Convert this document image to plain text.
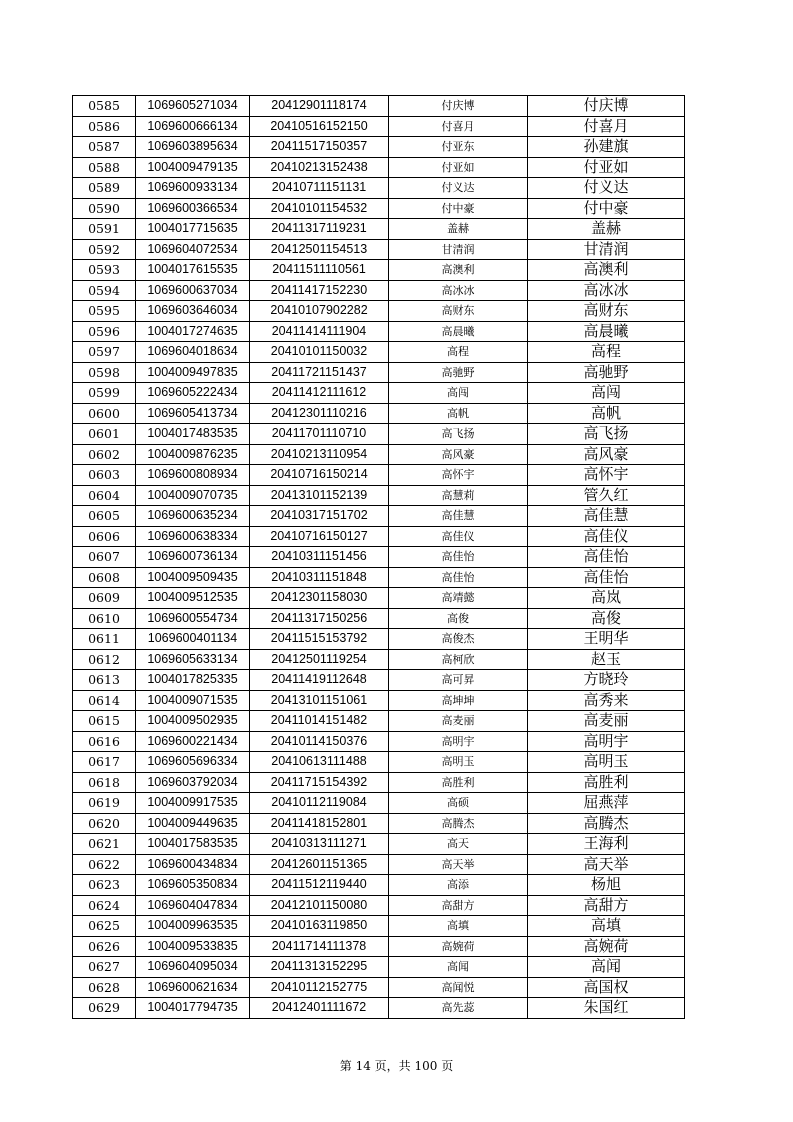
0585	1069605271034	20412901118174	付庆博	付庆博
0586	1069600666134	20410516152150	付喜月	付喜月
0587	1069603895634	20411517150357	付亚东	孙建旗
0588	1004009479135	20410213152438	付亚如	付亚如
0589	1069600933134	20410711151131	付义达	付义达
0590	1069600366534	20410101154532	付中豪	付中豪
0591	1004017715635	20411317119231	盖赫	盖赫
0592	1069604072534	20412501154513	甘清润	甘清润
0593	1004017615535	20411511110561	高澳利	高澳利
0594	1069600637034	20411417152230	高冰冰	高冰冰
0595	1069603646034	20410107902282	高财东	高财东
0596	1004017274635	20411414111904	高晨曦	高晨曦
0597	1069604018634	20410101150032	高程	高程
0598	1004009497835	20411721151437	高驰野	高驰野
0599	1069605222434	20411412111612	高闯	高闯
0600	1069605413734	20412301110216	高帆	高帆
0601	1004017483535	20411701110710	高飞扬	高飞扬
0602	1004009876235	20410213110954	高风豪	高风豪
0603	1069600808934	20410716150214	高怀宇	高怀宇
0604	1004009070735	20413101152139	高慧莉	管久红
0605	1069600635234	20410317151702	高佳慧	高佳慧
0606	1069600638334	20410716150127	高佳仪	高佳仪
0607	1069600736134	20410311151456	高佳怡	高佳怡
0608	1004009509435	20410311151848	高佳怡	高佳怡
0609	1004009512535	20412301158030	高靖懿	高岚
0610	1069600554734	20411317150256	高俊	高俊
0611	1069600401134	20411515153792	高俊杰	王明华
0612	1069605633134	20412501119254	高柯欣	赵玉
0613	1004017825335	20411419112648	高可昇	方晓玲
0614	1004009071535	20413101151061	高坤坤	高秀来
0615	1004009502935	20411014151482	高麦丽	高麦丽
0616	1069600221434	20410114150376	高明宇	高明宇
0617	1069605696334	20410613111488	高明玉	高明玉
0618	1069603792034	20411715154392	高胜利	高胜利
0619	1004009917535	20410112119084	高硕	屈燕萍
0620	1004009449635	20411418152801	高腾杰	高腾杰
0621	1004017583535	20410313111271	高天	王海利
0622	1069600434834	20412601151365	高天举	高天举
0623	1069605350834	20411512119440	高添	杨旭
0624	1069604047834	20412101150080	高甜方	高甜方
0625	1004009963535	20410163119850	高填	高填
0626	1004009533835	20411714111378	高婉荷	高婉荷
0627	1069604095034	20411313152295	高闻	高闻
0628	1069600621634	20410112152775	高闻悦	高国权
0629	1004017794735	20412401111672	高先蕊	朱国红
第 14 页，共 100 页
